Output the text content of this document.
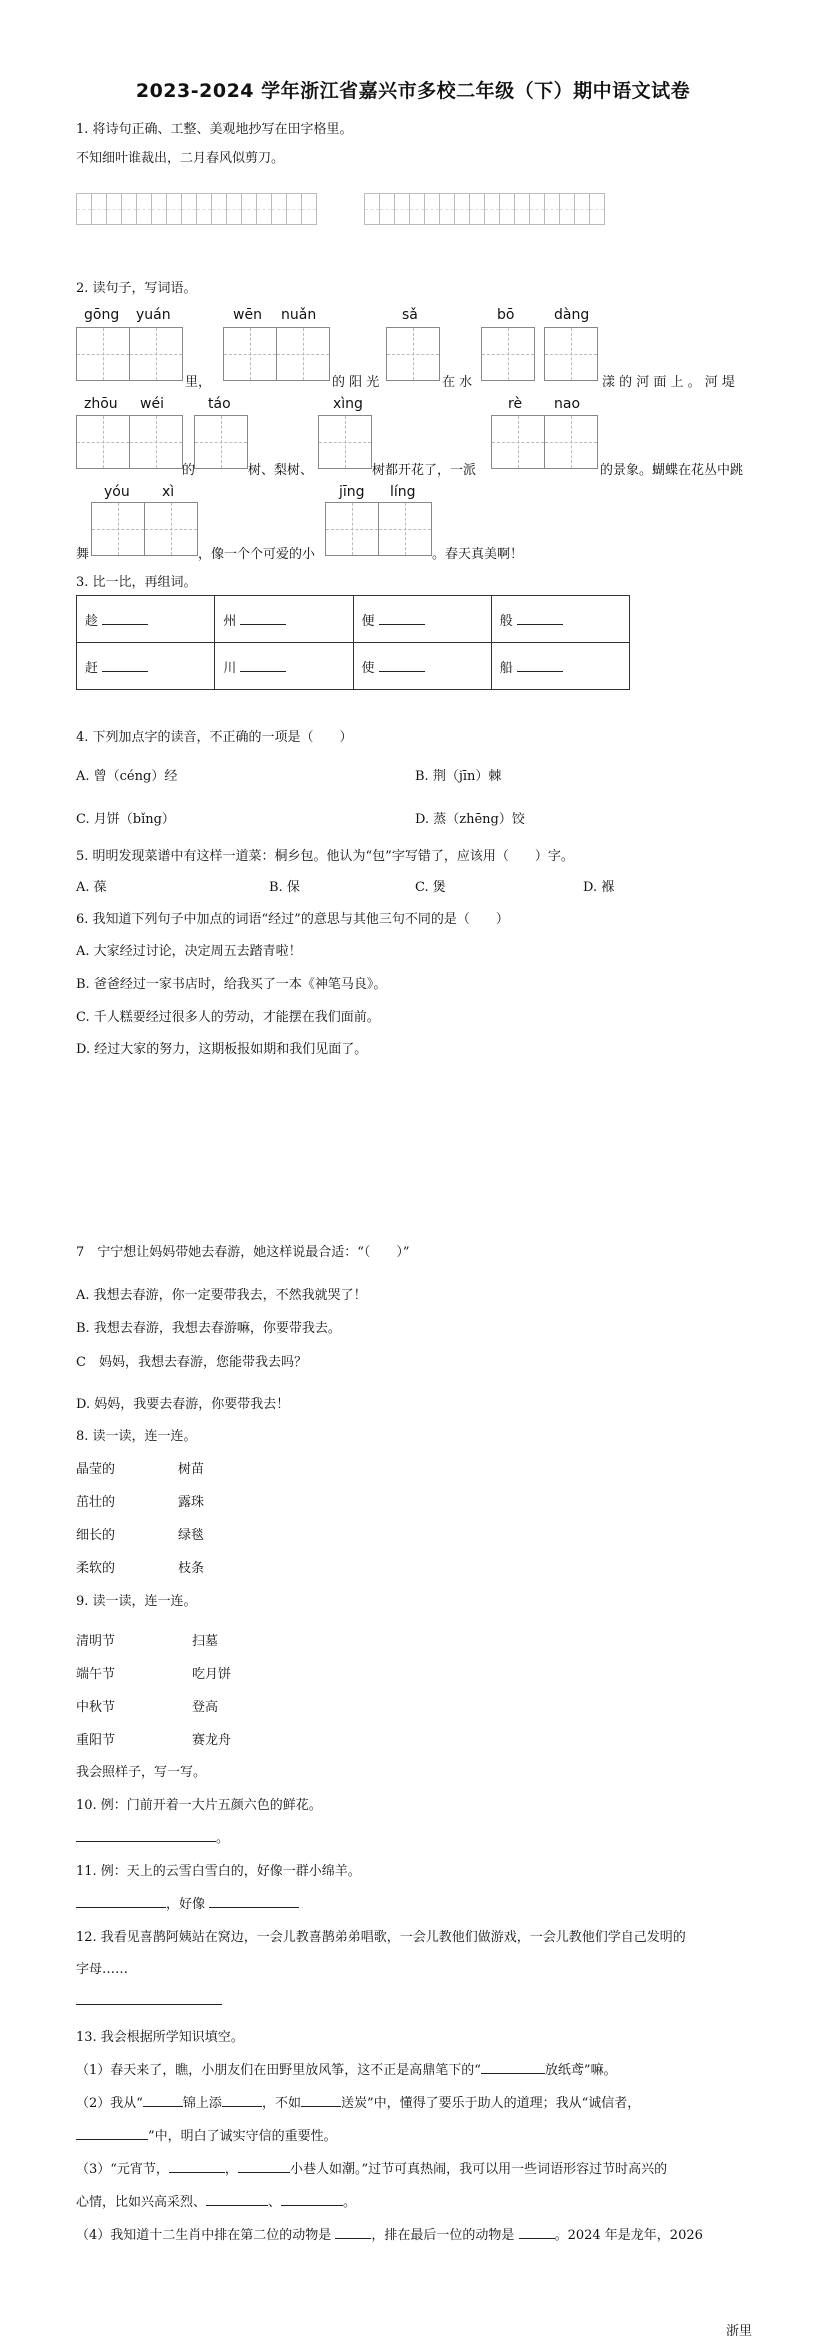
2023-2024 学年浙江省嘉兴市多校二年级（下）期中语文试卷
1. 将诗句正确、工整、美观地抄写在田字格里。
不知细叶谁裁出，二月春风似剪刀。
2. 读句子，写词语。
gōng yuán	wēn nuǎn	sǎ	bō	dàng
里，	的 阳 光	在 水	漾 的 河 面 上 。 河 堤
zhōu wéi	táo	xìng	rè nao
的	树、梨树、	树都开花了，一派	的景象。蝴蝶在花丛中跳
yóu xì	jīng líng
舞	，像一个个可爱的小	。春天真美啊！
3. 比一比，再组词。
趁	州	便	般
赶	川	使	船
4. 下列加点字的读音，不正确的一项是（　　）
A. 曾（céng）经	B. 荆（jīn）棘
C. 月饼（bǐng）	D. 蒸（zhēng）饺
5. 明明发现菜谱中有这样一道菜：桐乡包。他认为“包”字写错了，应该用（　　）字。
A. 葆	B. 保	C. 煲	D. 褓
6. 我知道下列句子中加点的词语“经过”的意思与其他三句不同的是（　　）
A. 大家经过讨论，决定周五去踏青啦！
B. 爸爸经过一家书店时，给我买了一本《神笔马良》。
C. 千人糕要经过很多人的劳动，才能摆在我们面前。
D. 经过大家的努力，这期板报如期和我们见面了。
7　宁宁想让妈妈带她去春游，她这样说最合适：“（　　）”
A. 我想去春游，你一定要带我去，不然我就哭了！
B. 我想去春游，我想去春游嘛，你要带我去。
C　妈妈，我想去春游，您能带我去吗？
D. 妈妈，我要去春游，你要带我去！
8. 读一读，连一连。
晶莹的	树苗
茁壮的	露珠
细长的	绿毯
柔软的	枝条
9. 读一读，连一连。
清明节	扫墓
端午节	吃月饼
中秋节	登高
重阳节	赛龙舟
我会照样子，写一写。
10. 例：门前开着一大片五颜六色的鲜花。
。
11. 例：天上的云雪白雪白的，好像一群小绵羊。
，好像
12. 我看见喜鹊阿姨站在窝边，一会儿教喜鹊弟弟唱歌，一会儿教他们做游戏，一会儿教他们学自己发明的
字母……
13. 我会根据所学知识填空。
（1）春天来了，瞧，小朋友们在田野里放风筝，这不正是高鼎笔下的“	放纸鸢”嘛。
（2）我从“	锦上添	，不如	送炭”中，懂得了要乐于助人的道理；我从“诚信者，
”中，明白了诚实守信的重要性。
（3）“元宵节，	，	小巷人如潮。”过节可真热闹，我可以用一些词语形容过节时高兴的
心情，比如兴高采烈、	、	。
（4）我知道十二生肖中排在第二位的动物是	，排在最后一位的动物是	。2024 年是龙年，2026
浙里
